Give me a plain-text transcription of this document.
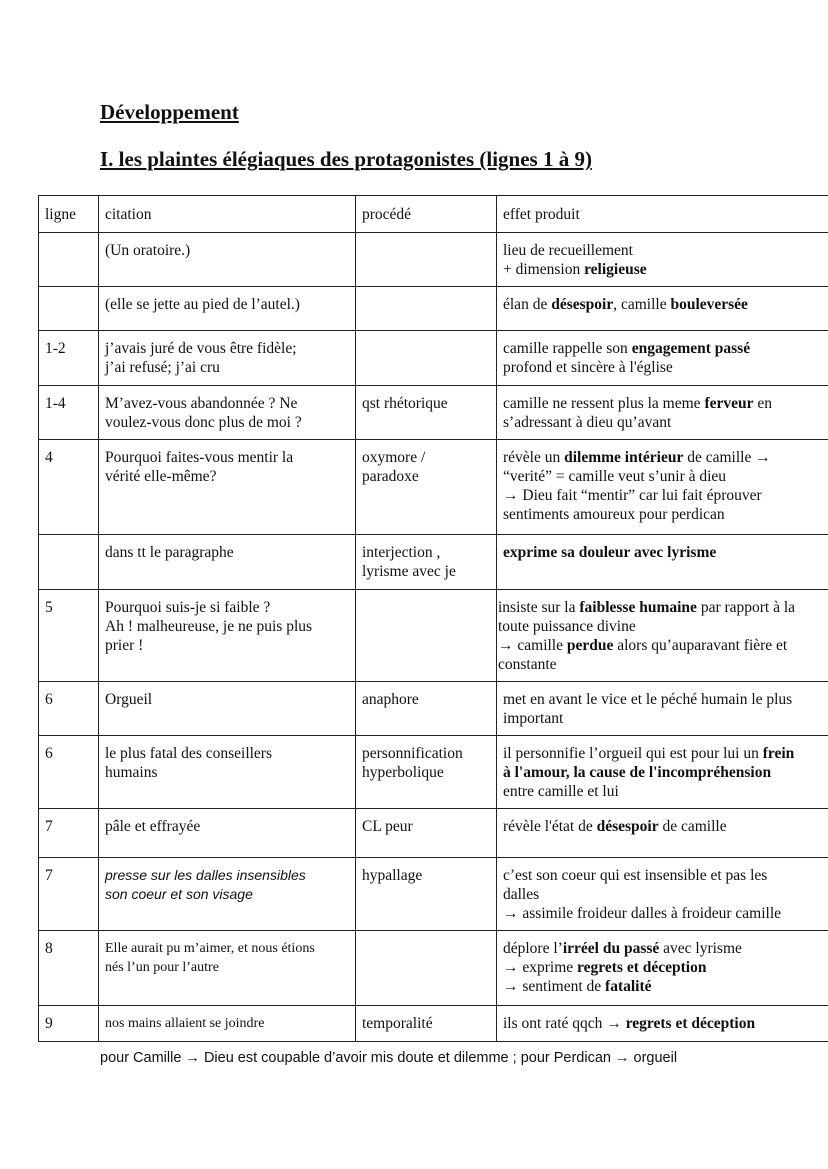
Développement
I. les plaintes élégiaques des protagonistes (lignes 1 à 9)
ligne	citation	procédé	effet produit

	(Un oratoire.)		lieu de recueillement
+ dimension religieuse

	(elle se jette au pied de l’autel.)		élan de désespoir, camille bouleversée

1-2	j’avais juré de vous être fidèle;
j’ai refusé; j’ai cru		camille rappelle son engagement passé
profond et sincère à l'église

1-4	M’avez-vous abandonnée ? Ne
voulez-vous donc plus de moi ?	qst rhétorique	camille ne ressent plus la meme ferveur en
s’adressant à dieu qu’avant

4	Pourquoi faites-vous mentir la
vérité elle-même?	oxymore /
paradoxe	révèle un dilemme intérieur de camille →
“verité” = camille veut s’unir à dieu
→ Dieu fait “mentir” car lui fait éprouver
sentiments amoureux pour perdican

	dans tt le paragraphe	interjection ,
lyrisme avec je	exprime sa douleur avec lyrisme

5	Pourquoi suis-je si faible ?
Ah ! malheureuse, je ne puis plus
prier !		insiste sur la faiblesse humaine par rapport à la
toute puissance divine
→ camille perdue alors qu’auparavant fière et
constante

6	Orgueil	anaphore	met en avant le vice et le péché humain le plus
important

6	le plus fatal des conseillers
humains	personnification
hyperbolique	il personnifie l’orgueil qui est pour lui un frein
à l'amour, la cause de l'incompréhension
entre camille et lui

7	pâle et effrayée	CL peur	révèle l'état de désespoir de camille

7	presse sur les dalles insensibles
son coeur et son visage	hypallage	c’est son coeur qui est insensible et pas les
dalles
→ assimile froideur dalles à froideur camille

8	Elle aurait pu m’aimer, et nous étions
nés l’un pour l’autre		déplore l’irréel du passé avec lyrisme
→ exprime regrets et déception
→ sentiment de fatalité

9	nos mains allaient se joindre	temporalité	ils ont raté qqch → regrets et déception
pour Camille → Dieu est coupable d’avoir mis doute et dilemme ; pour Perdican → orgueil
